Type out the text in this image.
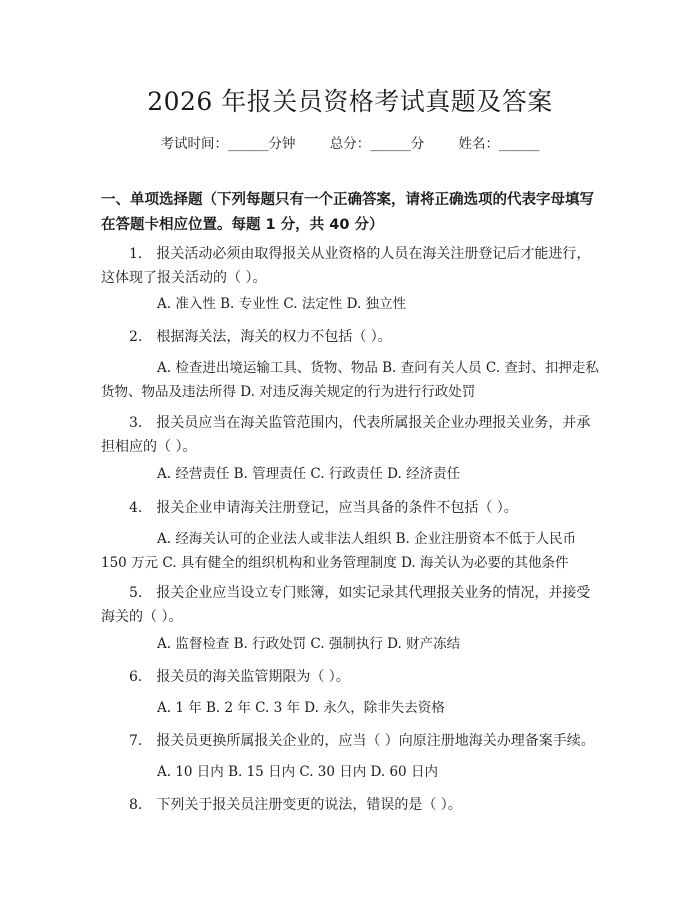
2026 年报关员资格考试真题及答案
考试时间：______分钟	总分：______分	姓名：______
一、单项选择题（下列每题只有一个正确答案，请将正确选项的代表字母填写在答题卡相应位置。每题 1 分，共 40 分）
1.　报关活动必须由取得报关从业资格的人员在海关注册登记后才能进行，这体现了报关活动的（ ）。
A. 准入性 B. 专业性 C. 法定性 D. 独立性
2.　根据海关法，海关的权力不包括（ ）。
A. 检查进出境运输工具、货物、物品 B. 查问有关人员 C. 查封、扣押走私货物、物品及违法所得 D. 对违反海关规定的行为进行行政处罚
3.　报关员应当在海关监管范围内，代表所属报关企业办理报关业务，并承担相应的（ ）。
A. 经营责任 B. 管理责任 C. 行政责任 D. 经济责任
4.　报关企业申请海关注册登记，应当具备的条件不包括（ ）。
A. 经海关认可的企业法人或非法人组织 B. 企业注册资本不低于人民币 150 万元 C. 具有健全的组织机构和业务管理制度 D. 海关认为必要的其他条件
5.　报关企业应当设立专门账簿，如实记录其代理报关业务的情况，并接受海关的（ ）。
A. 监督检查 B. 行政处罚 C. 强制执行 D. 财产冻结
6.　报关员的海关监管期限为（ ）。
A. 1 年 B. 2 年 C. 3 年 D. 永久，除非失去资格
7.　报关员更换所属报关企业的，应当（ ）向原注册地海关办理备案手续。
A. 10 日内 B. 15 日内 C. 30 日内 D. 60 日内
8.　下列关于报关员注册变更的说法，错误的是（ ）。
